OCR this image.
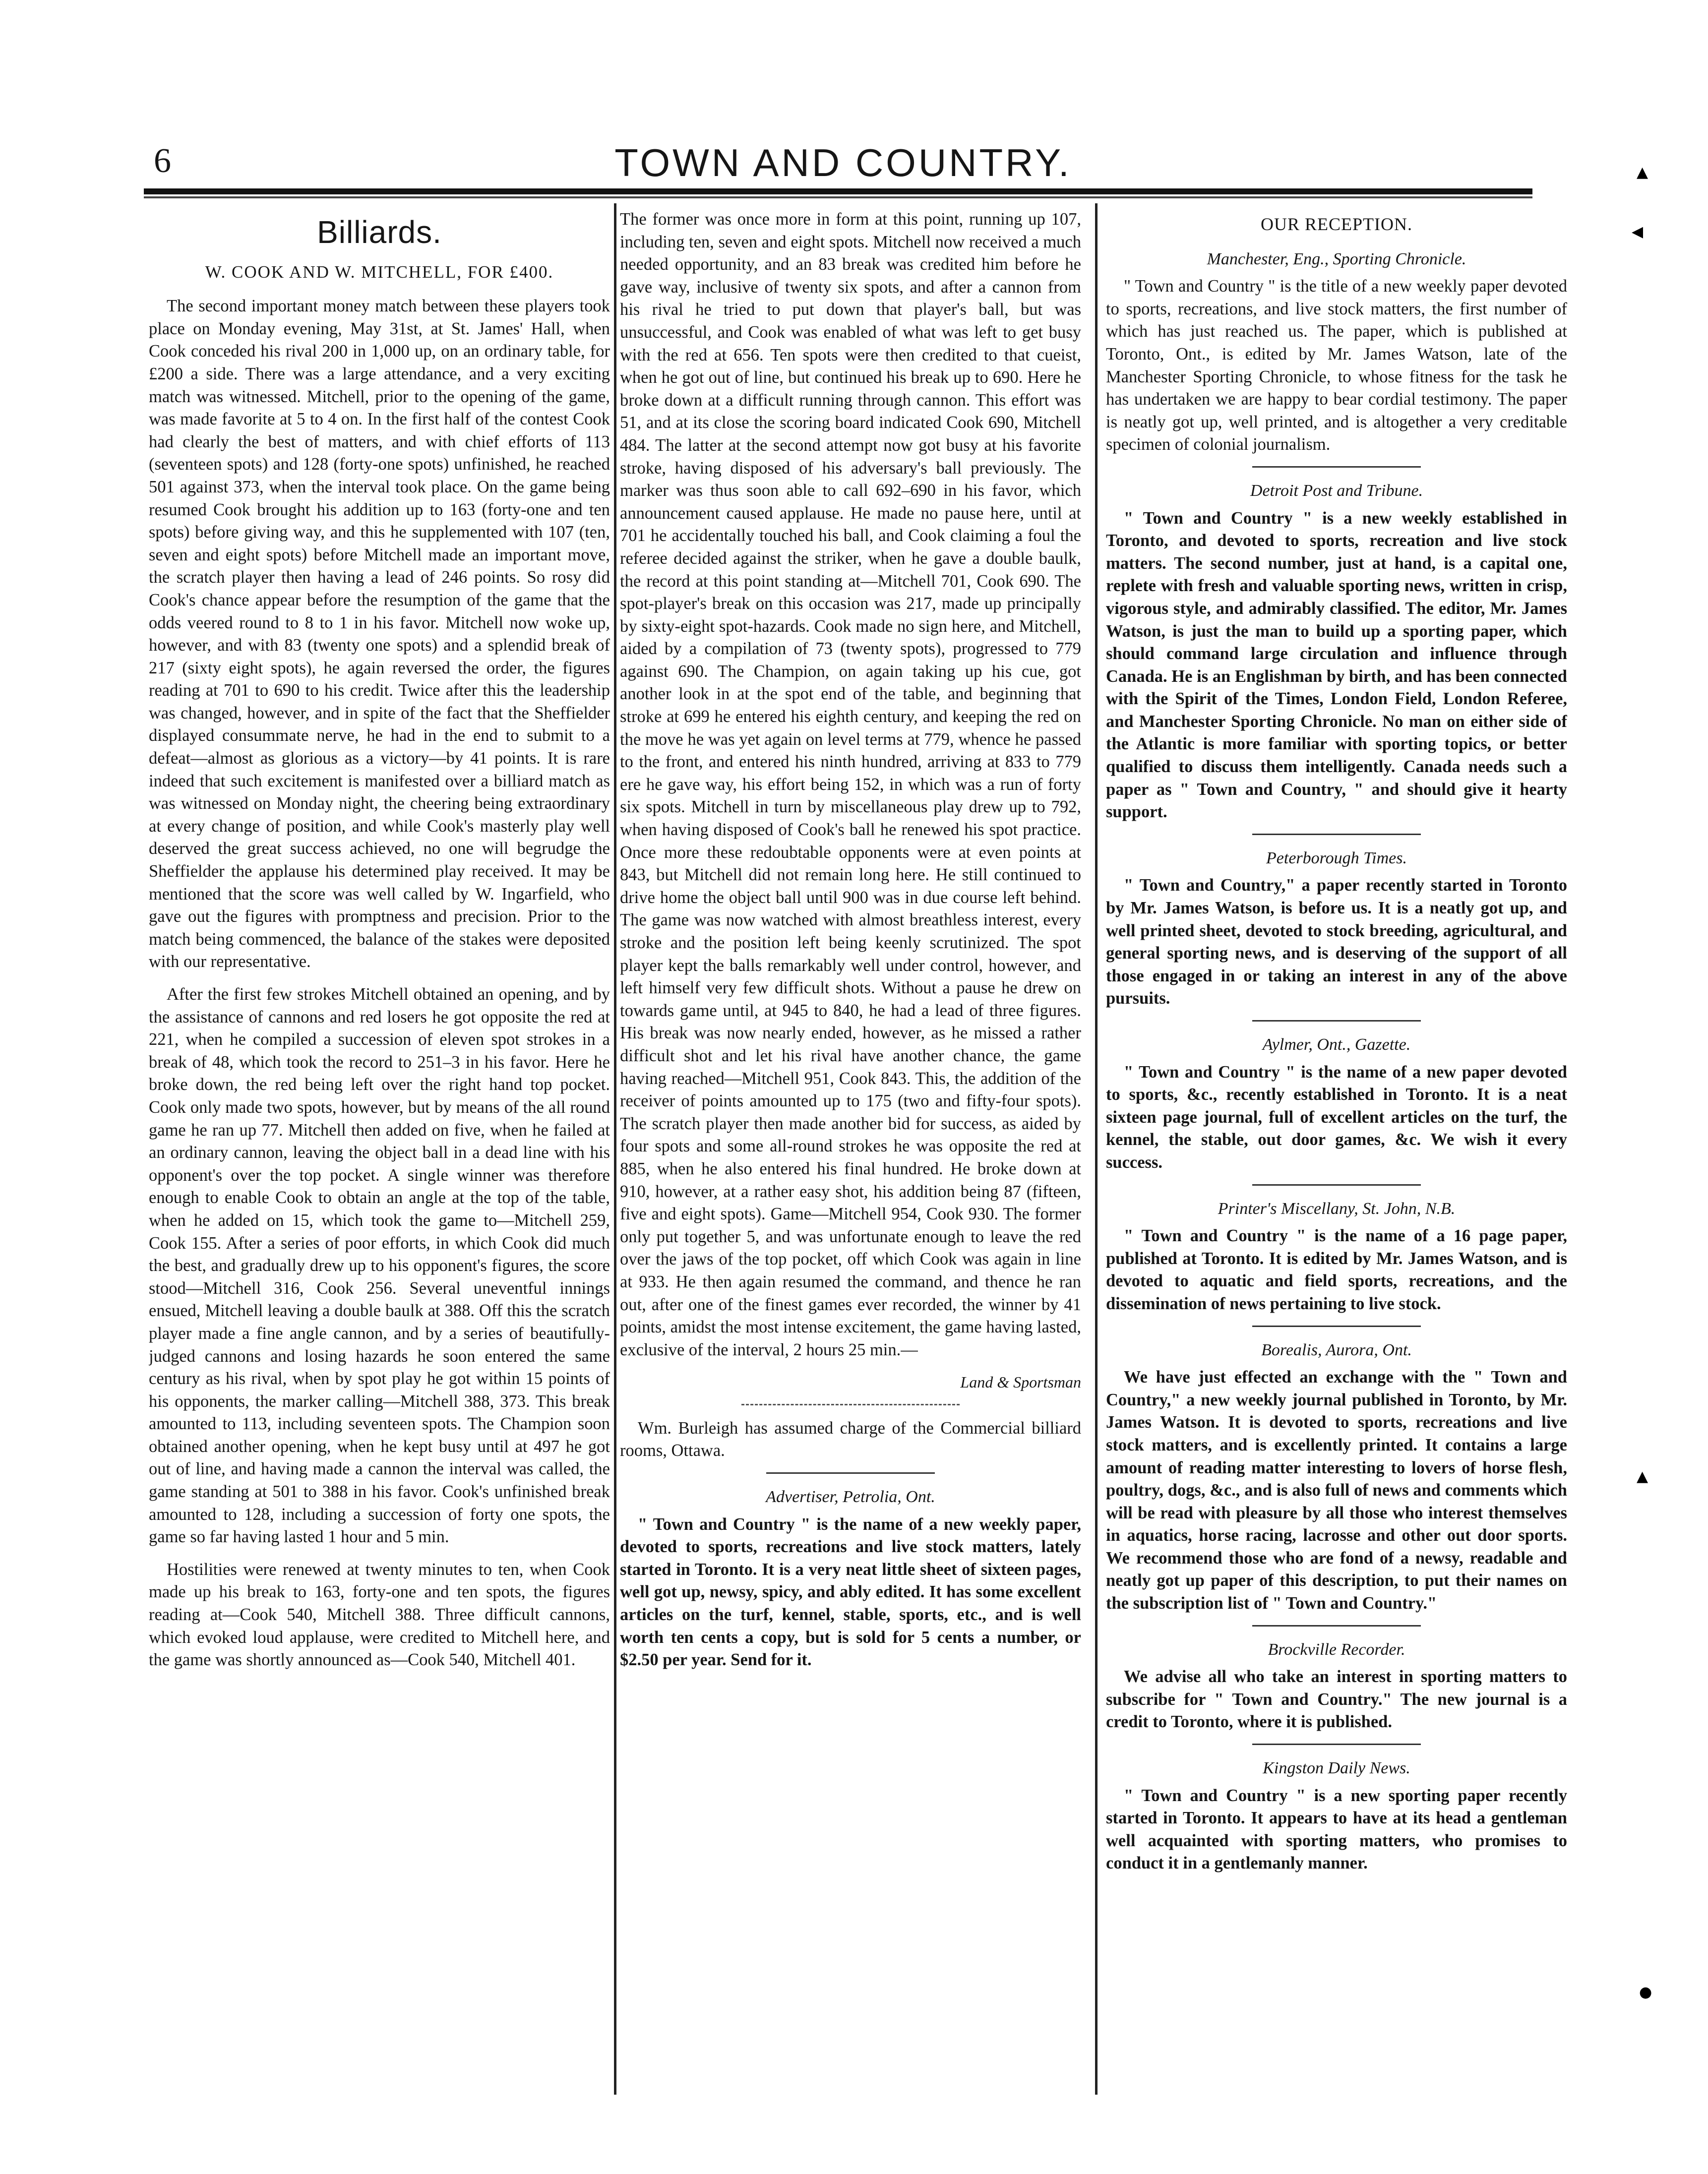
6	TOWN AND COUNTRY.
Billiards.
W. COOK AND W. MITCHELL, FOR £400.

The second important money match between these players took place on Monday evening, May 31st, at St. James' Hall, when Cook conceded his rival 200 in 1,000 up, on an ordinary table, for £200 a side. There was a large attendance, and a very exciting match was witnessed. Mitchell, prior to the opening of the game, was made favorite at 5 to 4 on. In the first half of the contest Cook had clearly the best of matters, and with chief efforts of 113 (seventeen spots) and 128 (forty-one spots) unfinished, he reached 501 against 373, when the interval took place. On the game being resumed Cook brought his addition up to 163 (forty-one and ten spots) before giving way, and this he supplemented with 107 (ten, seven and eight spots) before Mitchell made an important move, the scratch player then having a lead of 246 points. So rosy did Cook's chance appear before the resumption of the game that the odds veered round to 8 to 1 in his favor. Mitchell now woke up, however, and with 83 (twenty one spots) and a splendid break of 217 (sixty eight spots), he again reversed the order, the figures reading at 701 to 690 to his credit. Twice after this the leadership was changed, however, and in spite of the fact that the Sheffielder displayed consummate nerve, he had in the end to submit to a defeat—almost as glorious as a victory—by 41 points. It is rare indeed that such excitement is manifested over a billiard match as was witnessed on Monday night, the cheering being extraordinary at every change of position, and while Cook's masterly play well deserved the great success achieved, no one will begrudge the Sheffielder the applause his determined play received. It may be mentioned that the score was well called by W. Ingarfield, who gave out the figures with promptness and precision. Prior to the match being commenced, the balance of the stakes were deposited with our representative.

After the first few strokes Mitchell obtained an opening, and by the assistance of cannons and red losers he got opposite the red at 221, when he compiled a succession of eleven spot strokes in a break of 48, which took the record to 251–3 in his favor. Here he broke down, the red being left over the right hand top pocket. Cook only made two spots, however, but by means of the all round game he ran up 77. Mitchell then added on five, when he failed at an ordinary cannon, leaving the object ball in a dead line with his opponent's over the top pocket. A single winner was therefore enough to enable Cook to obtain an angle at the top of the table, when he added on 15, which took the game to—Mitchell 259, Cook 155. After a series of poor efforts, in which Cook did much the best, and gradually drew up to his opponent's figures, the score stood—Mitchell 316, Cook 256. Several uneventful innings ensued, Mitchell leaving a double baulk at 388. Off this the scratch player made a fine angle cannon, and by a series of beautifully-judged cannons and losing hazards he soon entered the same century as his rival, when by spot play he got within 15 points of his opponents, the marker calling—Mitchell 388, 373. This break amounted to 113, including seventeen spots. The Champion soon obtained another opening, when he kept busy until at 497 he got out of line, and having made a cannon the interval was called, the game standing at 501 to 388 in his favor. Cook's unfinished break amounted to 128, including a succession of forty one spots, the game so far having lasted 1 hour and 5 min.

Hostilities were renewed at twenty minutes to ten, when Cook made up his break to 163, forty-one and ten spots, the figures reading at—Cook 540, Mitchell 388. Three difficult cannons, which evoked loud applause, were credited to Mitchell here, and the game was shortly announced as—Cook 540, Mitchell 401.

The former was once more in form at this point, running up 107, including ten, seven and eight spots. Mitchell now received a much needed opportunity, and an 83 break was credited him before he gave way, inclusive of twenty six spots, and after a cannon from his rival he tried to put down that player's ball, but was unsuccessful, and Cook was enabled of what was left to get busy with the red at 656. Ten spots were then credited to that cueist, when he got out of line, but continued his break up to 690. Here he broke down at a difficult running through cannon. This effort was 51, and at its close the scoring board indicated Cook 690, Mitchell 484. The latter at the second attempt now got busy at his favorite stroke, having disposed of his adversary's ball previously. The marker was thus soon able to call 692–690 in his favor, which announcement caused applause. He made no pause here, until at 701 he accidentally touched his ball, and Cook claiming a foul the referee decided against the striker, when he gave a double baulk, the record at this point standing at—Mitchell 701, Cook 690. The spot-player's break on this occasion was 217, made up principally by sixty-eight spot-hazards. Cook made no sign here, and Mitchell, aided by a compilation of 73 (twenty spots), progressed to 779 against 690. The Champion, on again taking up his cue, got another look in at the spot end of the table, and beginning that stroke at 699 he entered his eighth century, and keeping the red on the move he was yet again on level terms at 779, whence he passed to the front, and entered his ninth hundred, arriving at 833 to 779 ere he gave way, his effort being 152, in which was a run of forty six spots. Mitchell in turn by miscellaneous play drew up to 792, when having disposed of Cook's ball he renewed his spot practice. Once more these redoubtable opponents were at even points at 843, but Mitchell did not remain long here. He still continued to drive home the object ball until 900 was in due course left behind. The game was now watched with almost breathless interest, every stroke and the position left being keenly scrutinized. The spot player kept the balls remarkably well under control, however, and left himself very few difficult shots. Without a pause he drew on towards game until, at 945 to 840, he had a lead of three figures. His break was now nearly ended, however, as he missed a rather difficult shot and let his rival have another chance, the game having reached—Mitchell 951, Cook 843. This, the addition of the receiver of points amounted up to 175 (two and fifty-four spots). The scratch player then made another bid for success, as aided by four spots and some all-round strokes he was opposite the red at 885, when he also entered his final hundred. He broke down at 910, however, at a rather easy shot, his addition being 87 (fifteen, five and eight spots). Game—Mitchell 954, Cook 930. The former only put together 5, and was unfortunate enough to leave the red over the jaws of the top pocket, off which Cook was again in line at 933. He then again resumed the command, and thence he ran out, after one of the finest games ever recorded, the winner by 41 points, amidst the most intense excitement, the game having lasted, exclusive of the interval, 2 hours 25 min.—

Land & Sportsman

Wm. Burleigh has assumed charge of the Commercial billiard rooms, Ottawa.

Advertiser, Petrolia, Ont.

" Town and Country " is the name of a new weekly paper, devoted to sports, recreations and live stock matters, lately started in Toronto. It is a very neat little sheet of sixteen pages, well got up, newsy, spicy, and ably edited. It has some excellent articles on the turf, kennel, stable, sports, etc., and is well worth ten cents a copy, but is sold for 5 cents a number, or $2.50 per year. Send for it.

OUR RECEPTION.
Manchester, Eng., Sporting Chronicle.

" Town and Country " is the title of a new weekly paper devoted to sports, recreations, and live stock matters, the first number of which has just reached us. The paper, which is published at Toronto, Ont., is edited by Mr. James Watson, late of the Manchester Sporting Chronicle, to whose fitness for the task he has undertaken we are happy to bear cordial testimony. The paper is neatly got up, well printed, and is altogether a very creditable specimen of colonial journalism.

Detroit Post and Tribune.

" Town and Country " is a new weekly established in Toronto, and devoted to sports, recreation and live stock matters. The second number, just at hand, is a capital one, replete with fresh and valuable sporting news, written in crisp, vigorous style, and admirably classified. The editor, Mr. James Watson, is just the man to build up a sporting paper, which should command large circulation and influence through Canada. He is an Englishman by birth, and has been connected with the Spirit of the Times, London Field, London Referee, and Manchester Sporting Chronicle. No man on either side of the Atlantic is more familiar with sporting topics, or better qualified to discuss them intelligently. Canada needs such a paper as " Town and Country, " and should give it hearty support.

Peterborough Times.

" Town and Country," a paper recently started in Toronto by Mr. James Watson, is before us. It is a neatly got up, and well printed sheet, devoted to stock breeding, agricultural, and general sporting news, and is deserving of the support of all those engaged in or taking an interest in any of the above pursuits.

Aylmer, Ont., Gazette.

" Town and Country " is the name of a new paper devoted to sports, &c., recently established in Toronto. It is a neat sixteen page journal, full of excellent articles on the turf, the kennel, the stable, out door games, &c. We wish it every success.

Printer's Miscellany, St. John, N.B.

" Town and Country " is the name of a 16 page paper, published at Toronto. It is edited by Mr. James Watson, and is devoted to aquatic and field sports, recreations, and the dissemination of news pertaining to live stock.

Borealis, Aurora, Ont.

We have just effected an exchange with the " Town and Country," a new weekly journal published in Toronto, by Mr. James Watson. It is devoted to sports, recreations and live stock matters, and is excellently printed. It contains a large amount of reading matter interesting to lovers of horse flesh, poultry, dogs, &c., and is also full of news and comments which will be read with pleasure by all those who interest themselves in aquatics, horse racing, lacrosse and other out door sports. We recommend those who are fond of a newsy, readable and neatly got up paper of this description, to put their names on the subscription list of " Town and Country."

Brockville Recorder.

We advise all who take an interest in sporting matters to subscribe for " Town and Country." The new journal is a credit to Toronto, where it is published.

Kingston Daily News.

" Town and Country " is a new sporting paper recently started in Toronto. It appears to have at its head a gentleman well acquainted with sporting matters, who promises to conduct it in a gentlemanly manner.

▲
◀
▲
●
